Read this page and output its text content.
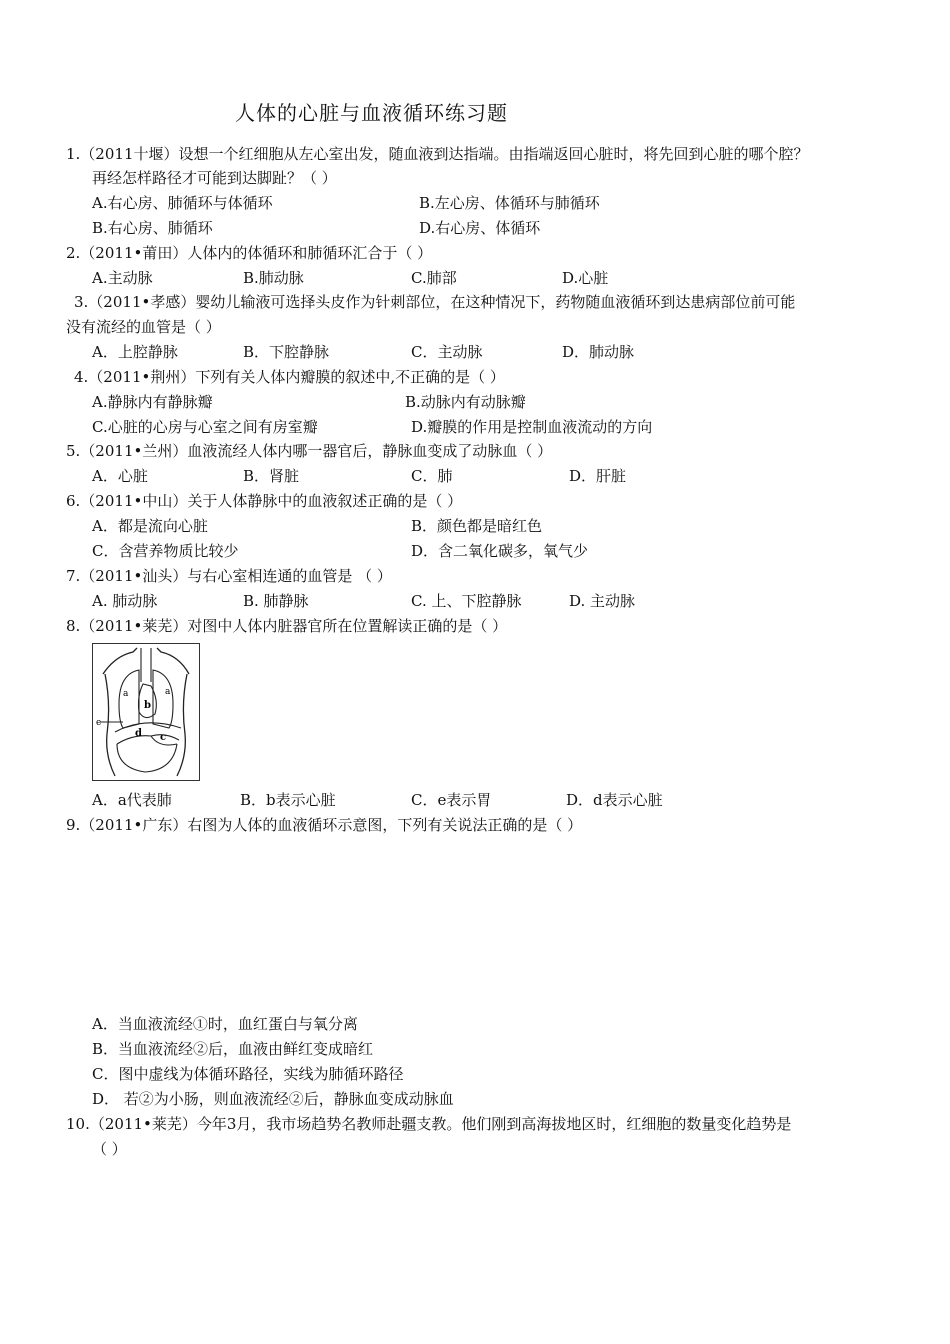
人体的心脏与血液循环练习题
1.（2011十堰）设想一个红细胞从左心室出发，随血液到达指端。由指端返回心脏时，将先回到心脏的哪个腔？
再经怎样路径才可能到达脚趾？（ ）
A.右心房、肺循环与体循环	B.左心房、体循环与肺循环
B.右心房、肺循环	D.右心房、体循环
2.（2011•莆田）人体内的体循环和肺循环汇合于（ ）
A.主动脉	B.肺动脉	C.肺部	D.心脏
3.（2011•孝感）婴幼儿输液可选择头皮作为针刺部位，在这种情况下，药物随血液循环到达患病部位前可能
没有流经的血管是（ ）
A．上腔静脉	B．下腔静脉	C．主动脉	D．肺动脉
4.（2011•荆州）下列有关人体内瓣膜的叙述中,不正确的是（ ）
A.静脉内有静脉瓣	B.动脉内有动脉瓣
C.心脏的心房与心室之间有房室瓣	D.瓣膜的作用是控制血液流动的方向
5.（2011•兰州）血液流经人体内哪一器官后，静脉血变成了动脉血（ ）
A．心脏	B．肾脏	C．肺	D．肝脏
6.（2011•中山）关于人体静脉中的血液叙述正确的是（ ）
A．都是流向心脏	B．颜色都是暗红色
C．含营养物质比较少	D．含二氧化碳多，氧气少
7.（2011•汕头）与右心室相连通的血管是 （ ）
A. 肺动脉	B. 肺静脉	C. 上、下腔静脉	D. 主动脉
8.（2011•莱芜）对图中人体内脏器官所在位置解读正确的是（ ）
a	a
b
c
d
e
A．a代表肺	B．b表示心脏	C．e表示胃	D．d表示心脏
9.（2011•广东）右图为人体的血液循环示意图，下列有关说法正确的是（ ）
A．当血液流经①时，血红蛋白与氧分离
B．当血液流经②后，血液由鲜红变成暗红
C．图中虚线为体循环路径，实线为肺循环路径
D． 若②为小肠，则血液流经②后，静脉血变成动脉血
10.（2011•莱芜）今年3月，我市场趋势名教师赴疆支教。他们刚到高海拔地区时，红细胞的数量变化趋势是
（ ）
